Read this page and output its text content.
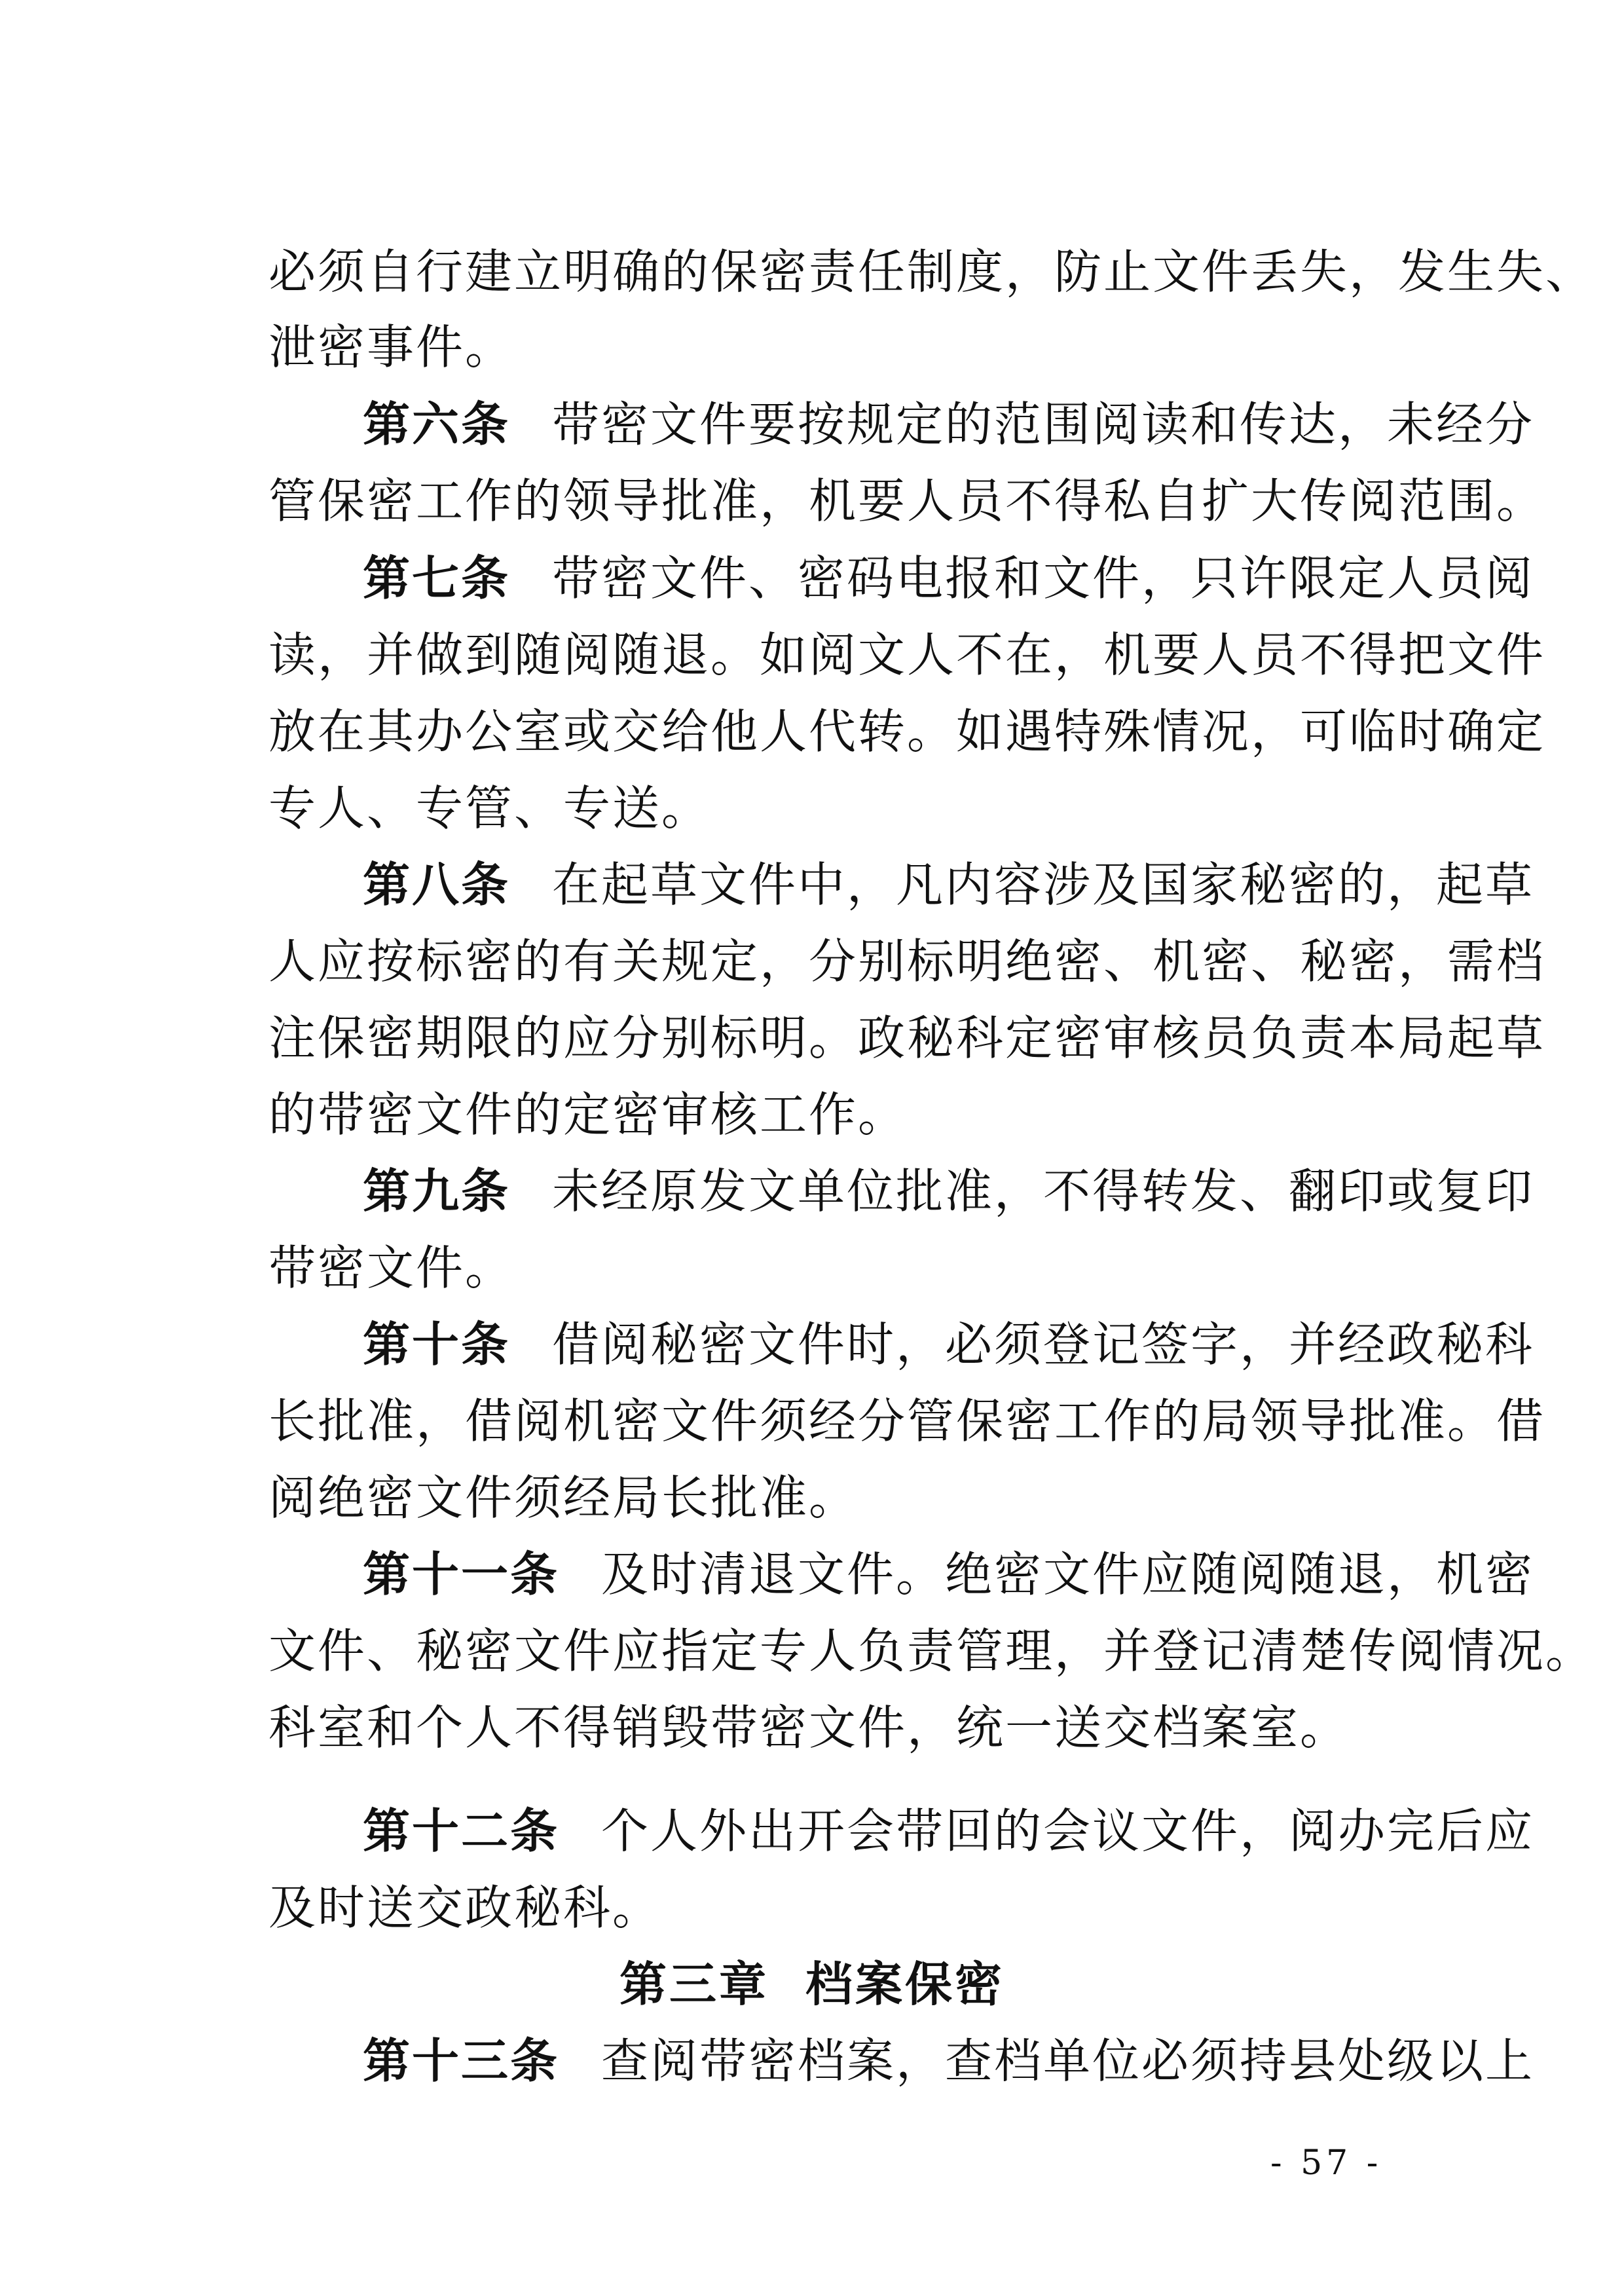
必须自行建立明确的保密责任制度，防止文件丢失，发生失、
泄密事件。
第六条 带密文件要按规定的范围阅读和传达，未经分
管保密工作的领导批准，机要人员不得私自扩大传阅范围。
第七条 带密文件、密码电报和文件，只许限定人员阅
读，并做到随阅随退。如阅文人不在，机要人员不得把文件
放在其办公室或交给他人代转。如遇特殊情况，可临时确定
专人、专管、专送。
第八条 在起草文件中，凡内容涉及国家秘密的，起草
人应按标密的有关规定，分别标明绝密、机密、秘密，需档
注保密期限的应分别标明。政秘科定密审核员负责本局起草
的带密文件的定密审核工作。
第九条 未经原发文单位批准，不得转发、翻印或复印
带密文件。
第十条 借阅秘密文件时，必须登记签字，并经政秘科
长批准，借阅机密文件须经分管保密工作的局领导批准。借
阅绝密文件须经局长批准。
第十一条 及时清退文件。绝密文件应随阅随退，机密
文件、秘密文件应指定专人负责管理，并登记清楚传阅情况。
科室和个人不得销毁带密文件，统一送交档案室。
第十二条 个人外出开会带回的会议文件，阅办完后应
及时送交政秘科。
第三章 档案保密
第十三条 查阅带密档案，查档单位必须持县处级以上
- 57 -
